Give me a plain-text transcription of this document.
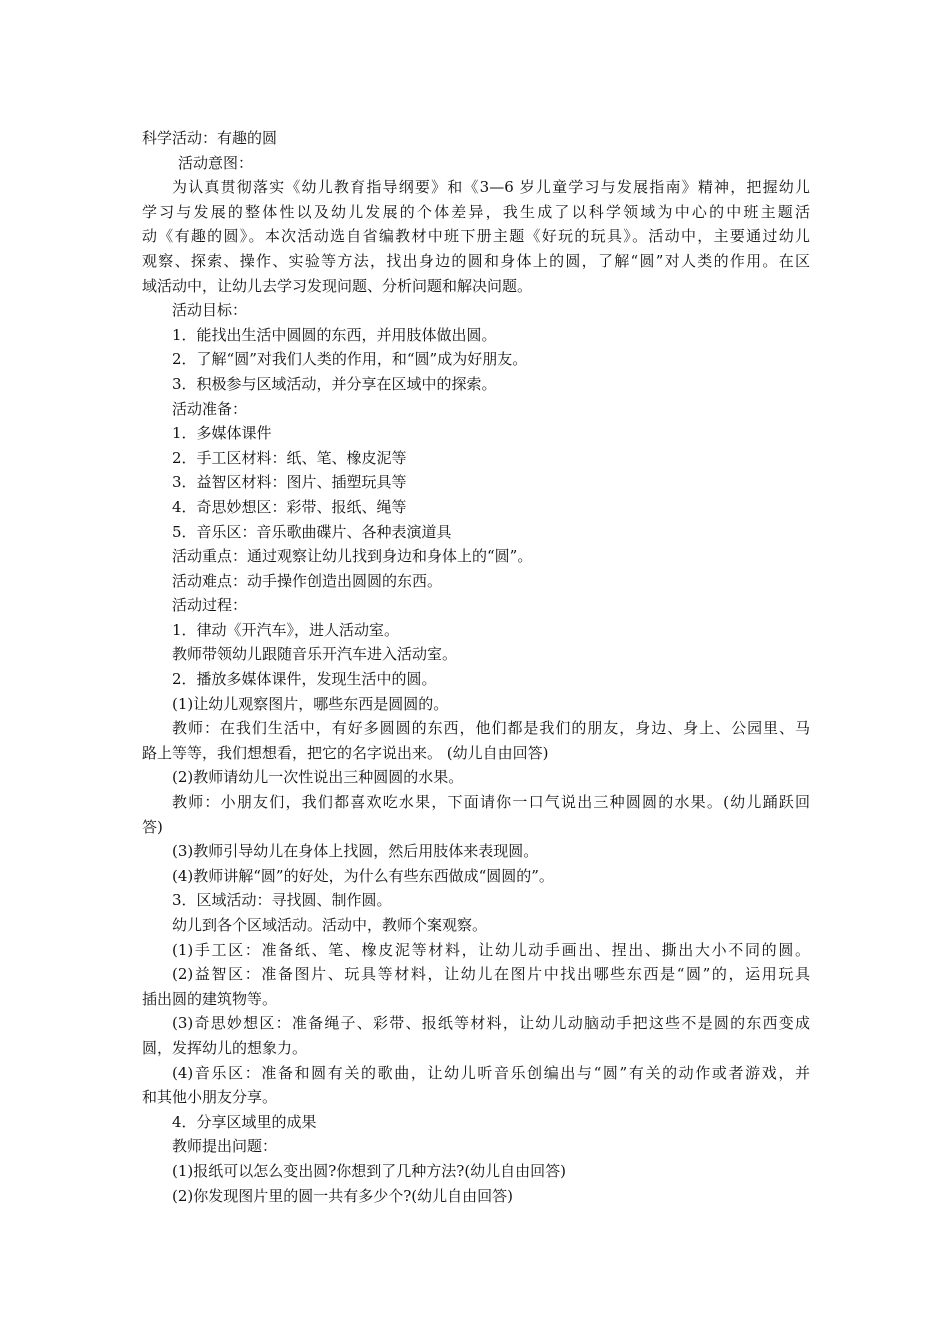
科学活动：有趣的圆
活动意图：
为认真贯彻落实《幼儿教育指导纲要》和《3—6 岁儿童学习与发展指南》精神，把握幼儿
学习与发展的整体性以及幼儿发展的个体差异，我生成了以科学领域为中心的中班主题活
动《有趣的圆》。本次活动选自省编教材中班下册主题《好玩的玩具》。活动中，主要通过幼儿
观察、探索、操作、实验等方法，找出身边的圆和身体上的圆，了解“圆”对人类的作用。在区
域活动中，让幼儿去学习发现问题、分析问题和解决问题。
活动目标：
1．能找出生活中圆圆的东西，并用肢体做出圆。
2．了解“圆”对我们人类的作用，和“圆”成为好朋友。
3．积极参与区域活动，并分享在区域中的探索。
活动准备：
1．多媒体课件
2．手工区材料：纸、笔、橡皮泥等
3．益智区材料：图片、插塑玩具等
4．奇思妙想区：彩带、报纸、绳等
5．音乐区：音乐歌曲碟片、各种表演道具
活动重点：通过观察让幼儿找到身边和身体上的“圆”。
活动难点：动手操作创造出圆圆的东西。
活动过程：
1．律动《开汽车》，进人活动室。
教师带领幼儿跟随音乐开汽车进入活动室。
2．播放多媒体课件，发现生活中的圆。
(1)让幼儿观察图片，哪些东西是圆圆的。
教师：在我们生活中，有好多圆圆的东西，他们都是我们的朋友，身边、身上、公园里、马
路上等等，我们想想看，把它的名字说出来。 (幼儿自由回答)
(2)教师请幼儿一次性说出三种圆圆的水果。
教师：小朋友们，我们都喜欢吃水果，下面请你一口气说出三种圆圆的水果。(幼儿踊跃回
答)
(3)教师引导幼儿在身体上找圆，然后用肢体来表现圆。
(4)教师讲解“圆”的好处，为什么有些东西做成“圆圆的”。
3．区域活动：寻找圆、制作圆。
幼儿到各个区域活动。活动中，教师个案观察。
(1)手工区：准备纸、笔、橡皮泥等材料，让幼儿动手画出、捏出、撕出大小不同的圆。
(2)益智区：准备图片、玩具等材料，让幼儿在图片中找出哪些东西是“圆”的，运用玩具
插出圆的建筑物等。
(3)奇思妙想区：准备绳子、彩带、报纸等材料，让幼儿动脑动手把这些不是圆的东西变成
圆，发挥幼儿的想象力。
(4)音乐区：准备和圆有关的歌曲，让幼儿听音乐创编出与“圆”有关的动作或者游戏，并
和其他小朋友分享。
4．分享区域里的成果
教师提出问题：
(1)报纸可以怎么变出圆?你想到了几种方法?(幼儿自由回答)
(2)你发现图片里的圆一共有多少个?(幼儿自由回答)
